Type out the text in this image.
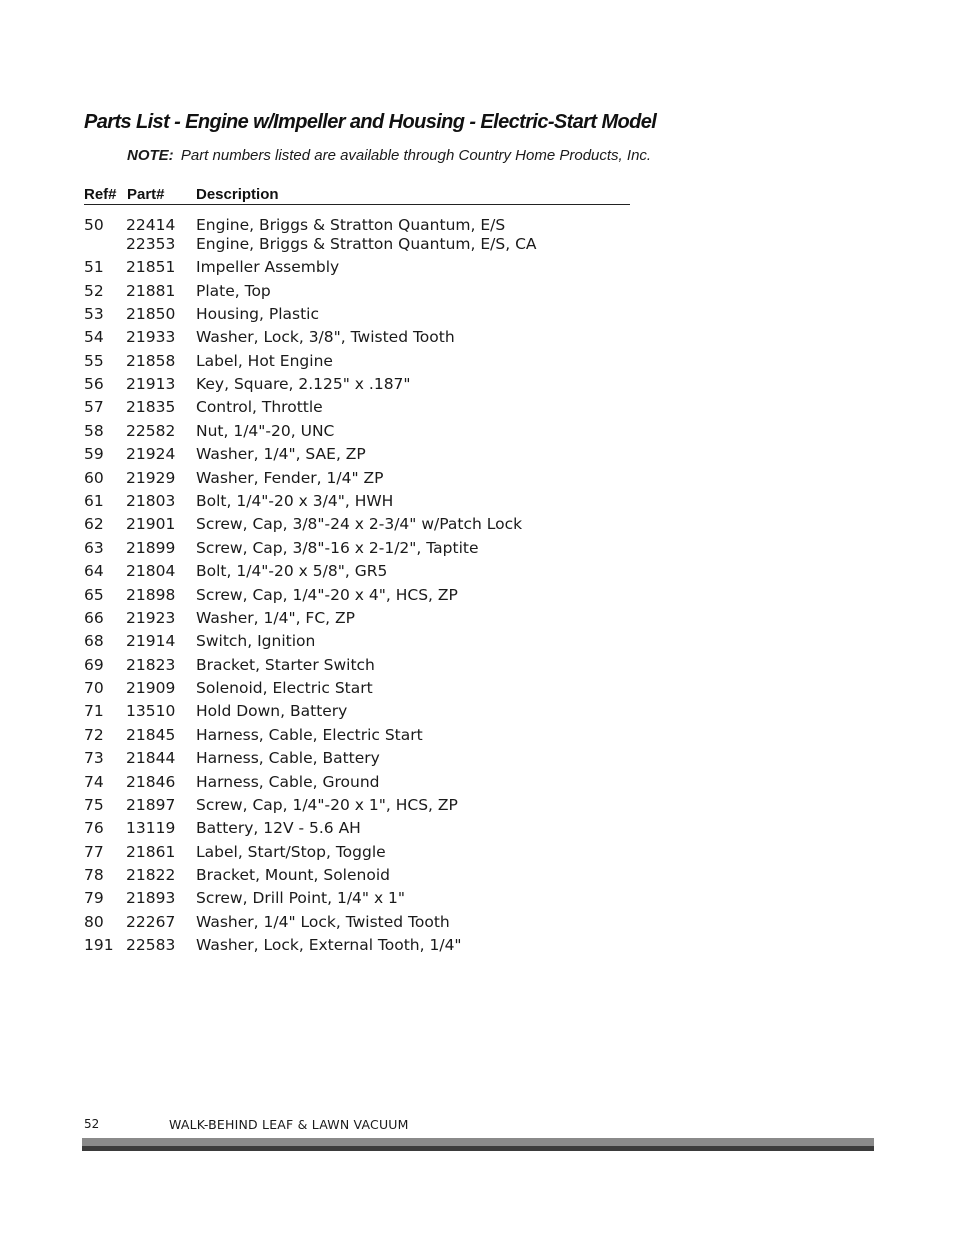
Parts List - Engine w/Impeller and Housing - Electric-Start Model
NOTE: Part numbers listed are available through Country Home Products, Inc.
Ref# Part# Description
50 22414 Engine, Briggs & Stratton Quantum, E/S
22353 Engine, Briggs & Stratton Quantum, E/S, CA
51 21851 Impeller Assembly
52 21881 Plate, Top
53 21850 Housing, Plastic
54 21933 Washer, Lock, 3/8", Twisted Tooth
55 21858 Label, Hot Engine
56 21913 Key, Square, 2.125" x .187"
57 21835 Control, Throttle
58 22582 Nut, 1/4"-20, UNC
59 21924 Washer, 1/4", SAE, ZP
60 21929 Washer, Fender, 1/4" ZP
61 21803 Bolt, 1/4"-20 x 3/4", HWH
62 21901 Screw, Cap, 3/8"-24 x 2-3/4" w/Patch Lock
63 21899 Screw, Cap, 3/8"-16 x 2-1/2", Taptite
64 21804 Bolt, 1/4"-20 x 5/8", GR5
65 21898 Screw, Cap, 1/4"-20 x 4", HCS, ZP
66 21923 Washer, 1/4", FC, ZP
68 21914 Switch, Ignition
69 21823 Bracket, Starter Switch
70 21909 Solenoid, Electric Start
71 13510 Hold Down, Battery
72 21845 Harness, Cable, Electric Start
73 21844 Harness, Cable, Battery
74 21846 Harness, Cable, Ground
75 21897 Screw, Cap, 1/4"-20 x 1", HCS, ZP
76 13119 Battery, 12V - 5.6 AH
77 21861 Label, Start/Stop, Toggle
78 21822 Bracket, Mount, Solenoid
79 21893 Screw, Drill Point, 1/4" x 1"
80 22267 Washer, 1/4" Lock, Twisted Tooth
191 22583 Washer, Lock, External Tooth, 1/4"
52	WALK-BEHIND LEAF & LAWN VACUUM
